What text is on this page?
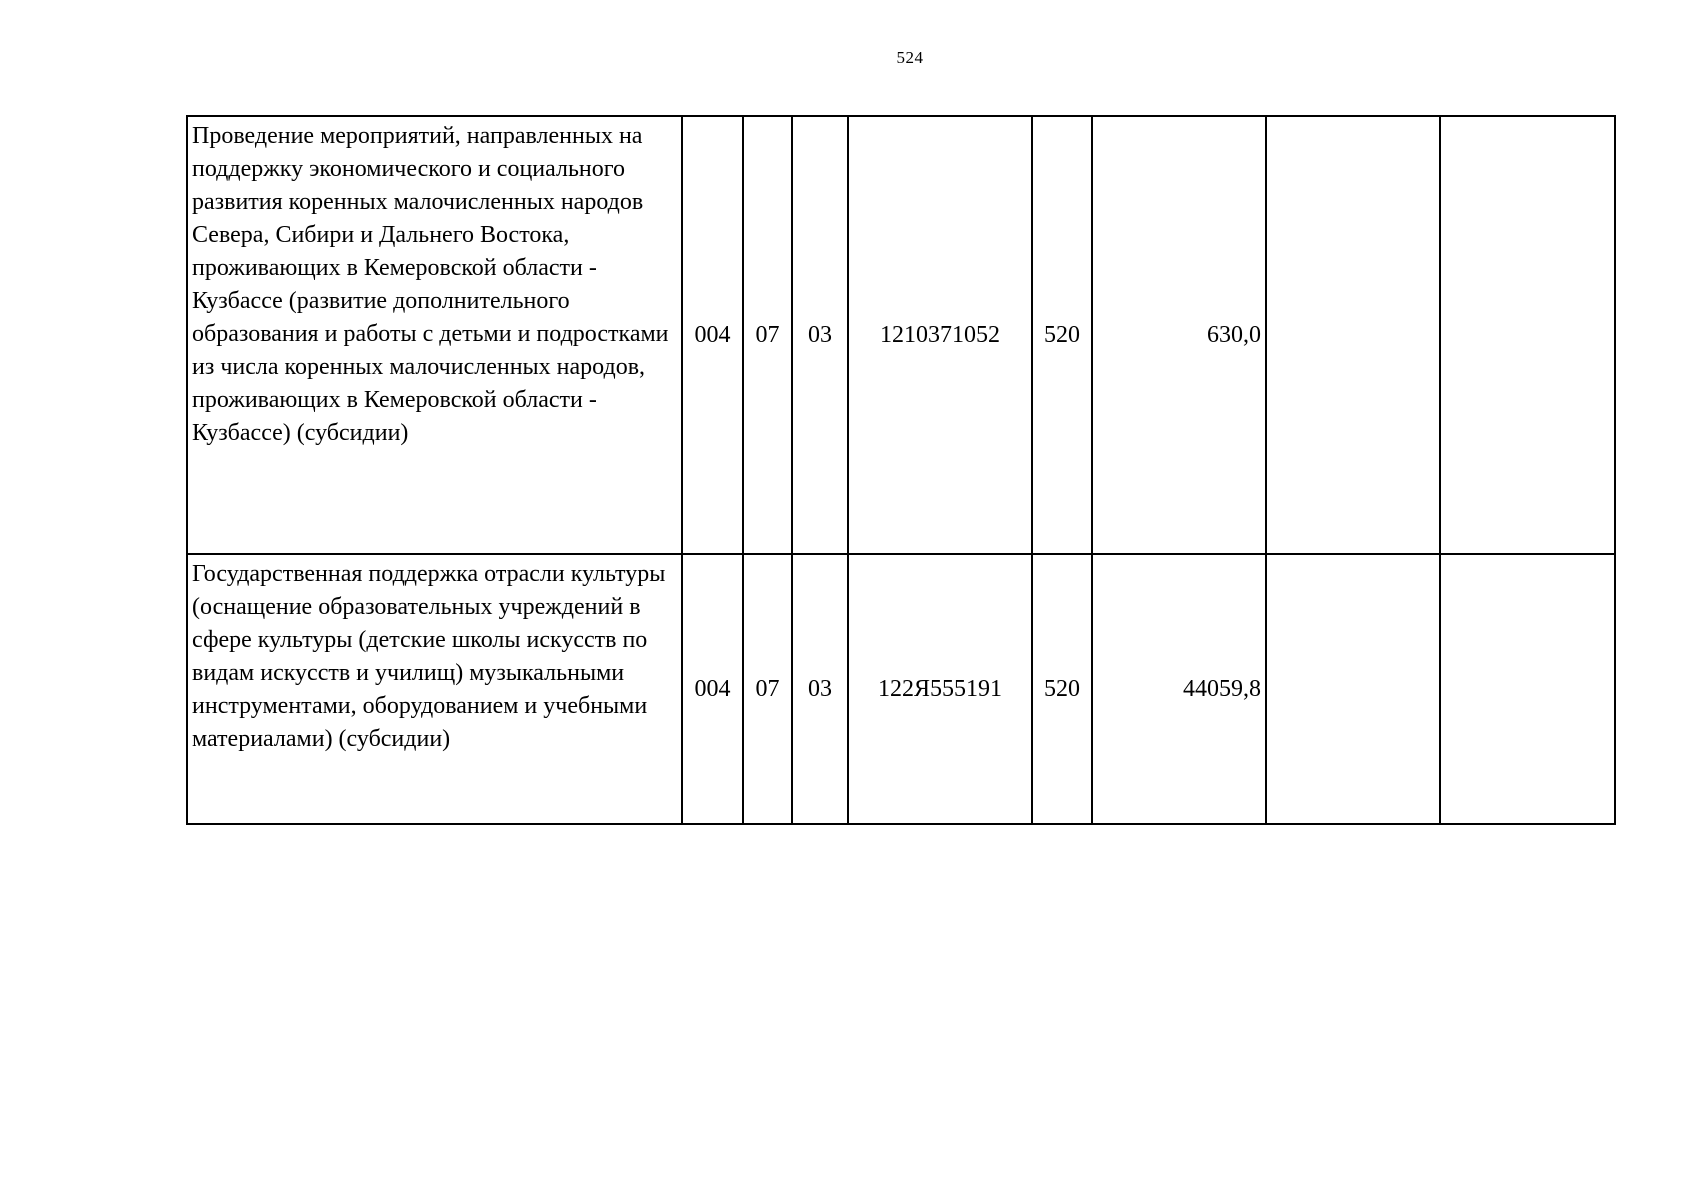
524
Проведение мероприятий, направленных на поддержку экономического и социального развития коренных малочисленных народов Севера, Сибири и Дальнего Востока, проживающих в Кемеровской области - Кузбассе (развитие дополнительного образования и работы с детьми и подростками из числа коренных малочисленных народов, проживающих в Кемеровской области - Кузбассе) (субсидии)	004	07	03	1210371052	520	630,0		
Государственная поддержка отрасли культуры (оснащение образовательных учреждений в сфере культуры (детские школы искусств по видам искусств и училищ) музыкальными инструментами, оборудованием и учебными материалами) (субсидии)	004	07	03	122Я555191	520	44059,8		
